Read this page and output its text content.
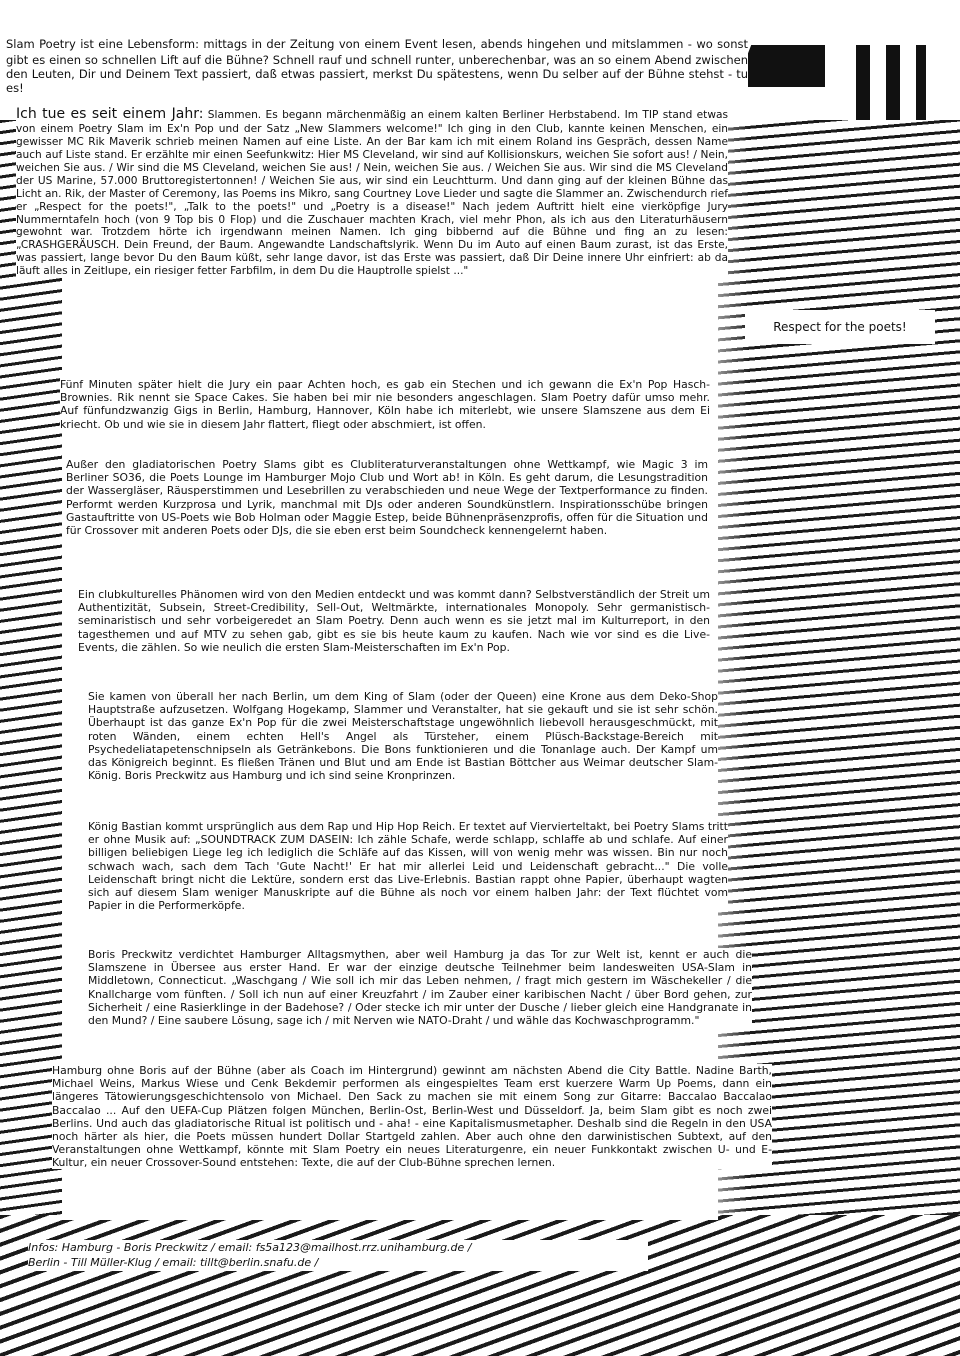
Respect for the poets!

Slam Poetry ist eine Lebensform: mittags in der Zeitung von einem Event lesen, abends hingehen und mitslammen - wo sonst gibt es einen so schnellen Lift auf die Bühne? Schnell rauf und schnell runter, unberechenbar, was an so einem Abend zwischen den Leuten, Dir und Deinem Text passiert, daß etwas passiert, merkst Du spätestens, wenn Du selber auf der Bühne stehst - tu es!

Ich tue es seit einem Jahr: Slammen. Es begann märchenmäßig an einem kalten Berliner Herbstabend. Im TIP stand etwas von einem Poetry Slam im Ex'n Pop und der Satz „New Slammers welcome!" Ich ging in den Club, kannte keinen Menschen, ein gewisser MC Rik Maverik schrieb meinen Namen auf eine Liste. An der Bar kam ich mit einem Roland ins Gespräch, dessen Name auch auf Liste stand. Er erzählte mir einen Seefunkwitz: Hier MS Cleveland, wir sind auf Kollisionskurs, weichen Sie sofort aus! / Nein, weichen Sie aus. / Wir sind die MS Cleveland, weichen Sie aus! / Nein, weichen Sie aus. / Weichen Sie aus. Wir sind die MS Cleveland der US Marine, 57.000 Bruttoregistertonnen! / Weichen Sie aus, wir sind ein Leuchtturm. Und dann ging auf der kleinen Bühne das Licht an. Rik, der Master of Ceremony, las Poems ins Mikro, sang Courtney Love Lieder und sagte die Slammer an. Zwischendurch rief er „Respect for the poets!", „Talk to the poets!" und „Poetry is a disease!" Nach jedem Auftritt hielt eine vierköpfige Jury Nummerntafeln hoch (von 9 Top bis 0 Flop) und die Zuschauer machten Krach, viel mehr Phon, als ich aus den Literaturhäusern gewohnt war. Trotzdem hörte ich irgendwann meinen Namen. Ich ging bibbernd auf die Bühne und fing an zu lesen: „CRASHGERÄUSCH. Dein Freund, der Baum. Angewandte Landschaftslyrik. Wenn Du im Auto auf einen Baum zurast, ist das Erste, was passiert, lange bevor Du den Baum küßt, sehr lange davor, ist das Erste was passiert, daß Dir Deine innere Uhr einfriert: ab da läuft alles in Zeitlupe, ein riesiger fetter Farbfilm, in dem Du die Hauptrolle spielst ..."

Fünf Minuten später hielt die Jury ein paar Achten hoch, es gab ein Stechen und ich gewann die Ex'n Pop Hasch-Brownies. Rik nennt sie Space Cakes. Sie haben bei mir nie besonders angeschlagen. Slam Poetry dafür umso mehr. Auf fünfundzwanzig Gigs in Berlin, Hamburg, Hannover, Köln habe ich miterlebt, wie unsere Slamszene aus dem Ei kriecht. Ob und wie sie in diesem Jahr flattert, fliegt oder abschmiert, ist offen.

Außer den gladiatorischen Poetry Slams gibt es Clubliteraturveranstaltungen ohne Wettkampf, wie Magic 3 im Berliner SO36, die Poets Lounge im Hamburger Mojo Club und Wort ab! in Köln. Es geht darum, die Lesungstradition der Wassergläser, Räusperstimmen und Lesebrillen zu verabschieden und neue Wege der Textperformance zu finden. Performt werden Kurzprosa und Lyrik, manchmal mit DJs oder anderen Soundkünstlern. Inspirationsschübe bringen Gastauftritte von US-Poets wie Bob Holman oder Maggie Estep, beide Bühnenpräsenzprofis, offen für die Situation und für Crossover mit anderen Poets oder DJs, die sie eben erst beim Soundcheck kennengelernt haben.

Ein clubkulturelles Phänomen wird von den Medien entdeckt und was kommt dann? Selbstverständlich der Streit um Authentizität, Subsein, Street-Credibility, Sell-Out, Weltmärkte, internationales Monopoly. Sehr germanistisch-seminaristisch und sehr vorbeigeredet an Slam Poetry. Denn auch wenn es sie jetzt mal im Kulturreport, in den tagesthemen und auf MTV zu sehen gab, gibt es sie bis heute kaum zu kaufen. Nach wie vor sind es die Live-Events, die zählen. So wie neulich die ersten Slam-Meisterschaften im Ex'n Pop.

Sie kamen von überall her nach Berlin, um dem King of Slam (oder der Queen) eine Krone aus dem Deko-Shop Hauptstraße aufzusetzen. Wolfgang Hogekamp, Slammer und Veranstalter, hat sie gekauft und sie ist sehr schön. Überhaupt ist das ganze Ex'n Pop für die zwei Meisterschaftstage ungewöhnlich liebevoll herausgeschmückt, mit roten Wänden, einem echten Hell's Angel als Türsteher, einem Plüsch-Backstage-Bereich mit Psychedeliatapetenschnipseln als Getränkebons. Die Bons funktionieren und die Tonanlage auch. Der Kampf um das Königreich beginnt. Es fließen Tränen und Blut und am Ende ist Bastian Böttcher aus Weimar deutscher Slam-König. Boris Preckwitz aus Hamburg und ich sind seine Kronprinzen.

König Bastian kommt ursprünglich aus dem Rap und Hip Hop Reich. Er textet auf Viervierteltakt, bei Poetry Slams tritt er ohne Musik auf: „SOUNDTRACK ZUM DASEIN: Ich zähle Schafe, werde schlapp, schlaffe ab und schlafe. Auf einer billigen beliebigen Liege leg ich lediglich die Schläfe auf das Kissen, will von wenig mehr was wissen. Bin nur noch schwach wach, sach dem Tach 'Gute Nacht!' Er hat mir allerlei Leid und Leidenschaft gebracht..." Die volle Leidenschaft bringt nicht die Lektüre, sondern erst das Live-Erlebnis. Bastian rappt ohne Papier, überhaupt wagten sich auf diesem Slam weniger Manuskripte auf die Bühne als noch vor einem halben Jahr: der Text flüchtet vom Papier in die Performerköpfe.

Boris Preckwitz verdichtet Hamburger Alltagsmythen, aber weil Hamburg ja das Tor zur Welt ist, kennt er auch die Slamszene in Übersee aus erster Hand. Er war der einzige deutsche Teilnehmer beim landesweiten USA-Slam in Middletown, Connecticut. „Waschgang / Wie soll ich mir das Leben nehmen, / fragt mich gestern im Wäschekeller / die Knallcharge vom fünften. / Soll ich nun auf einer Kreuzfahrt / im Zauber einer karibischen Nacht / über Bord gehen, zur Sicherheit / eine Rasierklinge in der Badehose? / Oder stecke ich mir unter der Dusche / lieber gleich eine Handgranate in den Mund? / Eine saubere Lösung, sage ich / mit Nerven wie NATO-Draht / und wähle das Kochwaschprogramm."

Hamburg ohne Boris auf der Bühne (aber als Coach im Hintergrund) gewinnt am nächsten Abend die City Battle. Nadine Barth, Michael Weins, Markus Wiese und Cenk Bekdemir performen als eingespieltes Team erst kuerzere Warm Up Poems, dann ein längeres Tätowierungsgeschichtensolo von Michael. Den Sack zu machen sie mit einem Song zur Gitarre: Baccalao Baccalao Baccalao ... Auf den UEFA-Cup Plätzen folgen München, Berlin-Ost, Berlin-West und Düsseldorf. Ja, beim Slam gibt es noch zwei Berlins. Und auch das gladiatorische Ritual ist politisch und - aha! - eine Kapitalismusmetapher. Deshalb sind die Regeln in den USA noch härter als hier, die Poets müssen hundert Dollar Startgeld zahlen. Aber auch ohne den darwinistischen Subtext, auf den Veranstaltungen ohne Wettkampf, könnte mit Slam Poetry ein neues Literaturgenre, ein neuer Funkkontakt zwischen U- und E- Kultur, ein neuer Crossover-Sound entstehen: Texte, die auf der Club-Bühne sprechen lernen.

Infos: Hamburg - Boris Preckwitz / email: fs5a123@mailhost.rrz.unihamburg.de /
Berlin - Till Müller-Klug / email: tillt@berlin.snafu.de /
